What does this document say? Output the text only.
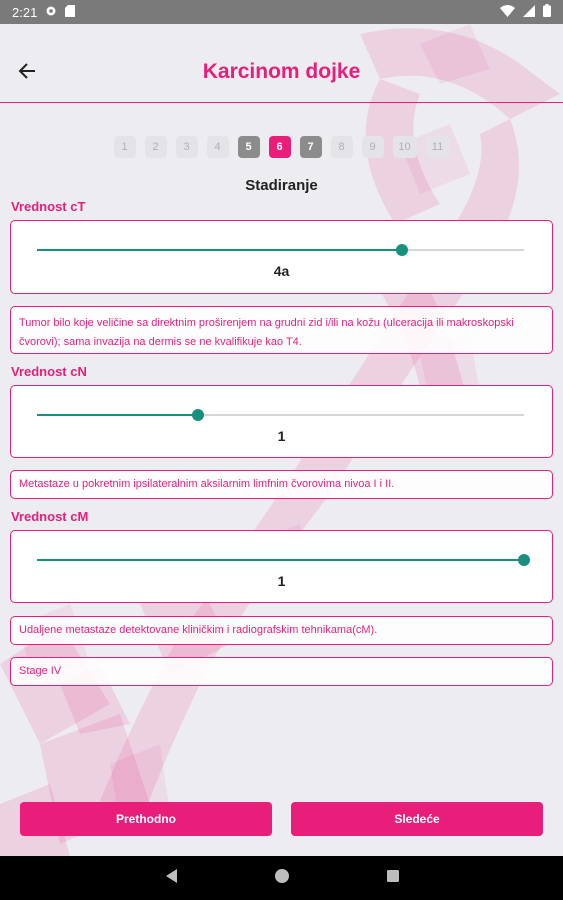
2:21
Karcinom dojke
1	2	3	4	5	6	7	8	9	10	11
Stadiranje
Vrednost cT
4a
Tumor bilo koje veličine sa direktnim proširenjem na grudni zid i/ili na kožu (ulceracija ili makroskopski čvorovi); sama invazija na dermis se ne kvalifikuje kao T4.
Vrednost cN
1
Metastaze u pokretnim ipsilateralnim aksilarnim limfnim čvorovima nivoa I i II.
Vrednost cM
1
Udaljene metastaze detektovane kliničkim i radiografskim tehnikama(cM).
Stage IV
Prethodno	Sledeće
